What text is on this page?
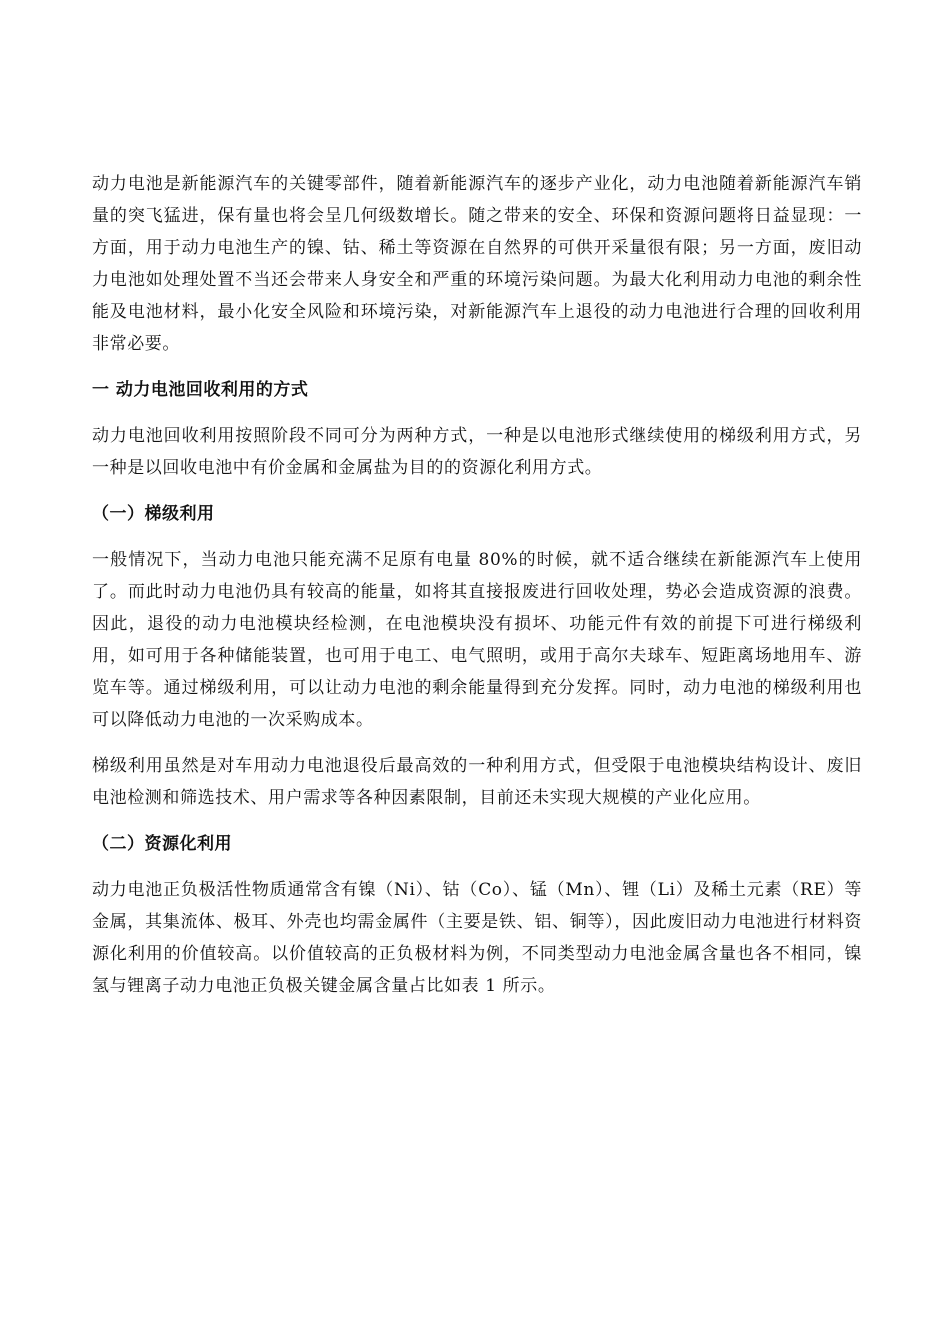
动力电池是新能源汽车的关键零部件，随着新能源汽车的逐步产业化，动力电池随着新能源汽车销量的突飞猛进，保有量也将会呈几何级数增长。随之带来的安全、环保和资源问题将日益显现：一方面，用于动力电池生产的镍、钴、稀土等资源在自然界的可供开采量很有限；另一方面，废旧动力电池如处理处置不当还会带来人身安全和严重的环境污染问题。为最大化利用动力电池的剩余性能及电池材料，最小化安全风险和环境污染，对新能源汽车上退役的动力电池进行合理的回收利用非常必要。

一 动力电池回收利用的方式

动力电池回收利用按照阶段不同可分为两种方式，一种是以电池形式继续使用的梯级利用方式，另一种是以回收电池中有价金属和金属盐为目的的资源化利用方式。

（一）梯级利用

一般情况下，当动力电池只能充满不足原有电量 80%的时候，就不适合继续在新能源汽车上使用了。而此时动力电池仍具有较高的能量，如将其直接报废进行回收处理，势必会造成资源的浪费。因此，退役的动力电池模块经检测，在电池模块没有损坏、功能元件有效的前提下可进行梯级利用，如可用于各种储能装置，也可用于电工、电气照明，或用于高尔夫球车、短距离场地用车、游览车等。通过梯级利用，可以让动力电池的剩余能量得到充分发挥。同时，动力电池的梯级利用也可以降低动力电池的一次采购成本。

梯级利用虽然是对车用动力电池退役后最高效的一种利用方式，但受限于电池模块结构设计、废旧电池检测和筛选技术、用户需求等各种因素限制，目前还未实现大规模的产业化应用。

（二）资源化利用

动力电池正负极活性物质通常含有镍（Ni）、钴（Co）、锰（Mn）、锂（Li）及稀土元素（RE）等金属，其集流体、极耳、外壳也均需金属件（主要是铁、铝、铜等），因此废旧动力电池进行材料资源化利用的价值较高。以价值较高的正负极材料为例，不同类型动力电池金属含量也各不相同，镍氢与锂离子动力电池正负极关键金属含量占比如表 1 所示。
